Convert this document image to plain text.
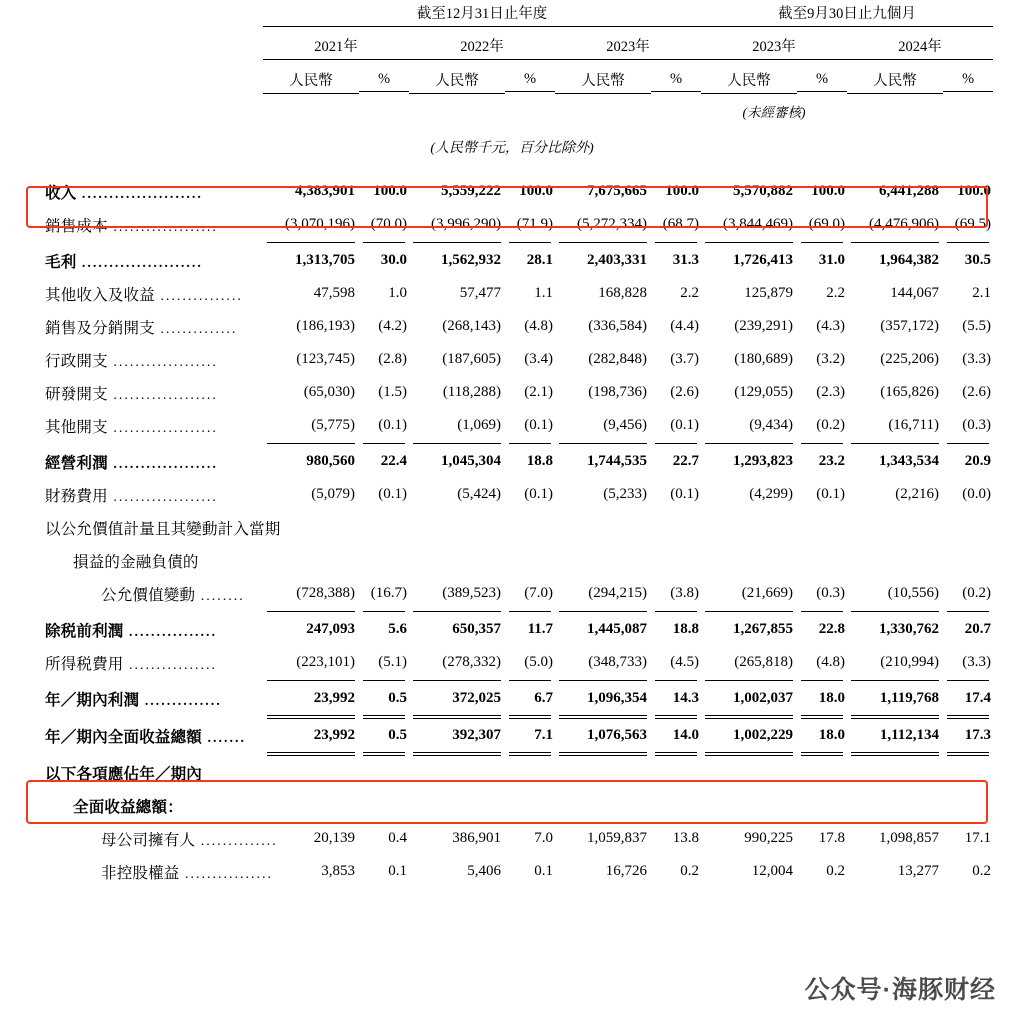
	截至12月31日止年度						截至9月30日止九個月			

	2021年		2022年		2023年		2023年		2024年	

	人民幣	%	人民幣	%	人民幣	%	人民幣	%	人民幣	%

							(未經審核)			
(人民幣千元，百分比除外)										
收入 ......................	4,383,901	100.0	5,559,222	100.0	7,675,665	100.0	5,570,882	100.0	6,441,288	100.0
銷售成本 ...................	(3,070,196)	(70.0)	(3,996,290)	(71.9)	(5,272,334)	(68.7)	(3,844,469)	(69.0)	(4,476,906)	(69.5)

毛利 ......................	1,313,705	30.0	1,562,932	28.1	2,403,331	31.3	1,726,413	31.0	1,964,382	30.5
其他收入及收益 ...............	47,598	1.0	57,477	1.1	168,828	2.2	125,879	2.2	144,067	2.1
銷售及分銷開支 ..............	(186,193)	(4.2)	(268,143)	(4.8)	(336,584)	(4.4)	(239,291)	(4.3)	(357,172)	(5.5)
行政開支 ...................	(123,745)	(2.8)	(187,605)	(3.4)	(282,848)	(3.7)	(180,689)	(3.2)	(225,206)	(3.3)
研發開支 ...................	(65,030)	(1.5)	(118,288)	(2.1)	(198,736)	(2.6)	(129,055)	(2.3)	(165,826)	(2.6)
其他開支 ...................	(5,775)	(0.1)	(1,069)	(0.1)	(9,456)	(0.1)	(9,434)	(0.2)	(16,711)	(0.3)

經營利潤 ...................	980,560	22.4	1,045,304	18.8	1,744,535	22.7	1,293,823	23.2	1,343,534	20.9
財務費用 ...................	(5,079)	(0.1)	(5,424)	(0.1)	(5,233)	(0.1)	(4,299)	(0.1)	(2,216)	(0.0)
以公允價值計量且其變動計入當期										
損益的金融負債的										
公允價值變動 ........	(728,388)	(16.7)	(389,523)	(7.0)	(294,215)	(3.8)	(21,669)	(0.3)	(10,556)	(0.2)

除税前利潤 ................	247,093	5.6	650,357	11.7	1,445,087	18.8	1,267,855	22.8	1,330,762	20.7
所得税費用 ................	(223,101)	(5.1)	(278,332)	(5.0)	(348,733)	(4.5)	(265,818)	(4.8)	(210,994)	(3.3)

年／期內利潤 ..............	23,992	0.5	372,025	6.7	1,096,354	14.3	1,002,037	18.0	1,119,768	17.4

年／期內全面收益總額 .......	23,992	0.5	392,307	7.1	1,076,563	14.0	1,002,229	18.0	1,112,134	17.3

以下各項應佔年／期內										
全面收益總額：										
母公司擁有人 ..............	20,139	0.4	386,901	7.0	1,059,837	13.8	990,225	17.8	1,098,857	17.1
非控股權益 ................	3,853	0.1	5,406	0.1	16,726	0.2	12,004	0.2	13,277	0.2
公众号·海豚财经
